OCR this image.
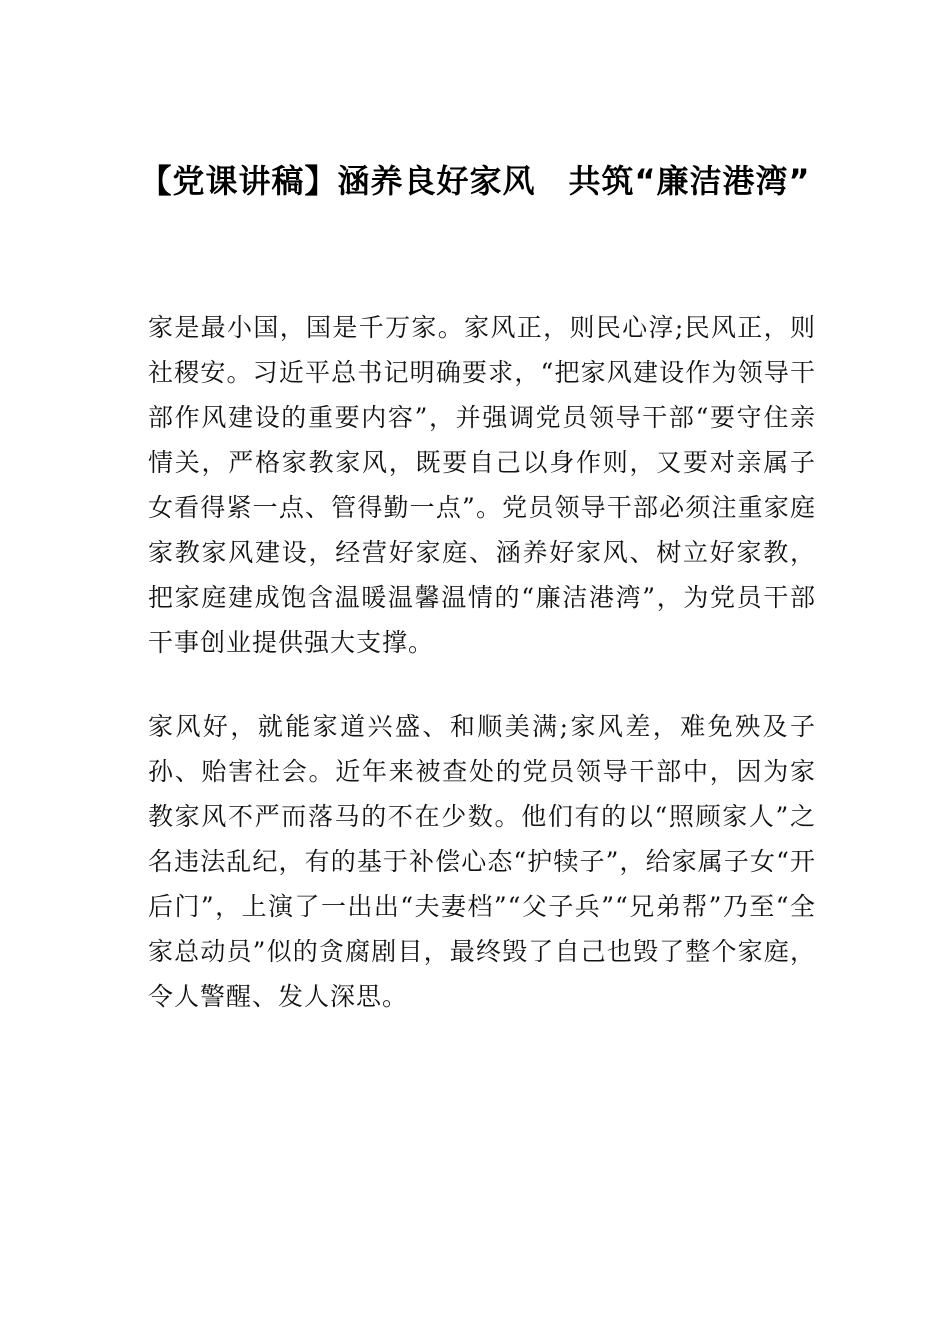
【党课讲稿】涵养良好家风　共筑“廉洁港湾”

家是最小国，国是千万家。家风正，则民心淳;民风正，则社稷安。习近平总书记明确要求，“把家风建设作为领导干部作风建设的重要内容”，并强调党员领导干部“要守住亲情关，严格家教家风，既要自己以身作则，又要对亲属子女看得紧一点、管得勤一点”。党员领导干部必须注重家庭家教家风建设，经营好家庭、涵养好家风、树立好家教，把家庭建成饱含温暖温馨温情的“廉洁港湾”，为党员干部干事创业提供强大支撑。

家风好，就能家道兴盛、和顺美满;家风差，难免殃及子孙、贻害社会。近年来被查处的党员领导干部中，因为家教家风不严而落马的不在少数。他们有的以“照顾家人”之名违法乱纪，有的基于补偿心态“护犊子”，给家属子女“开后门”，上演了一出出“夫妻档”“父子兵”“兄弟帮”乃至“全家总动员”似的贪腐剧目，最终毁了自己也毁了整个家庭，令人警醒、发人深思。
